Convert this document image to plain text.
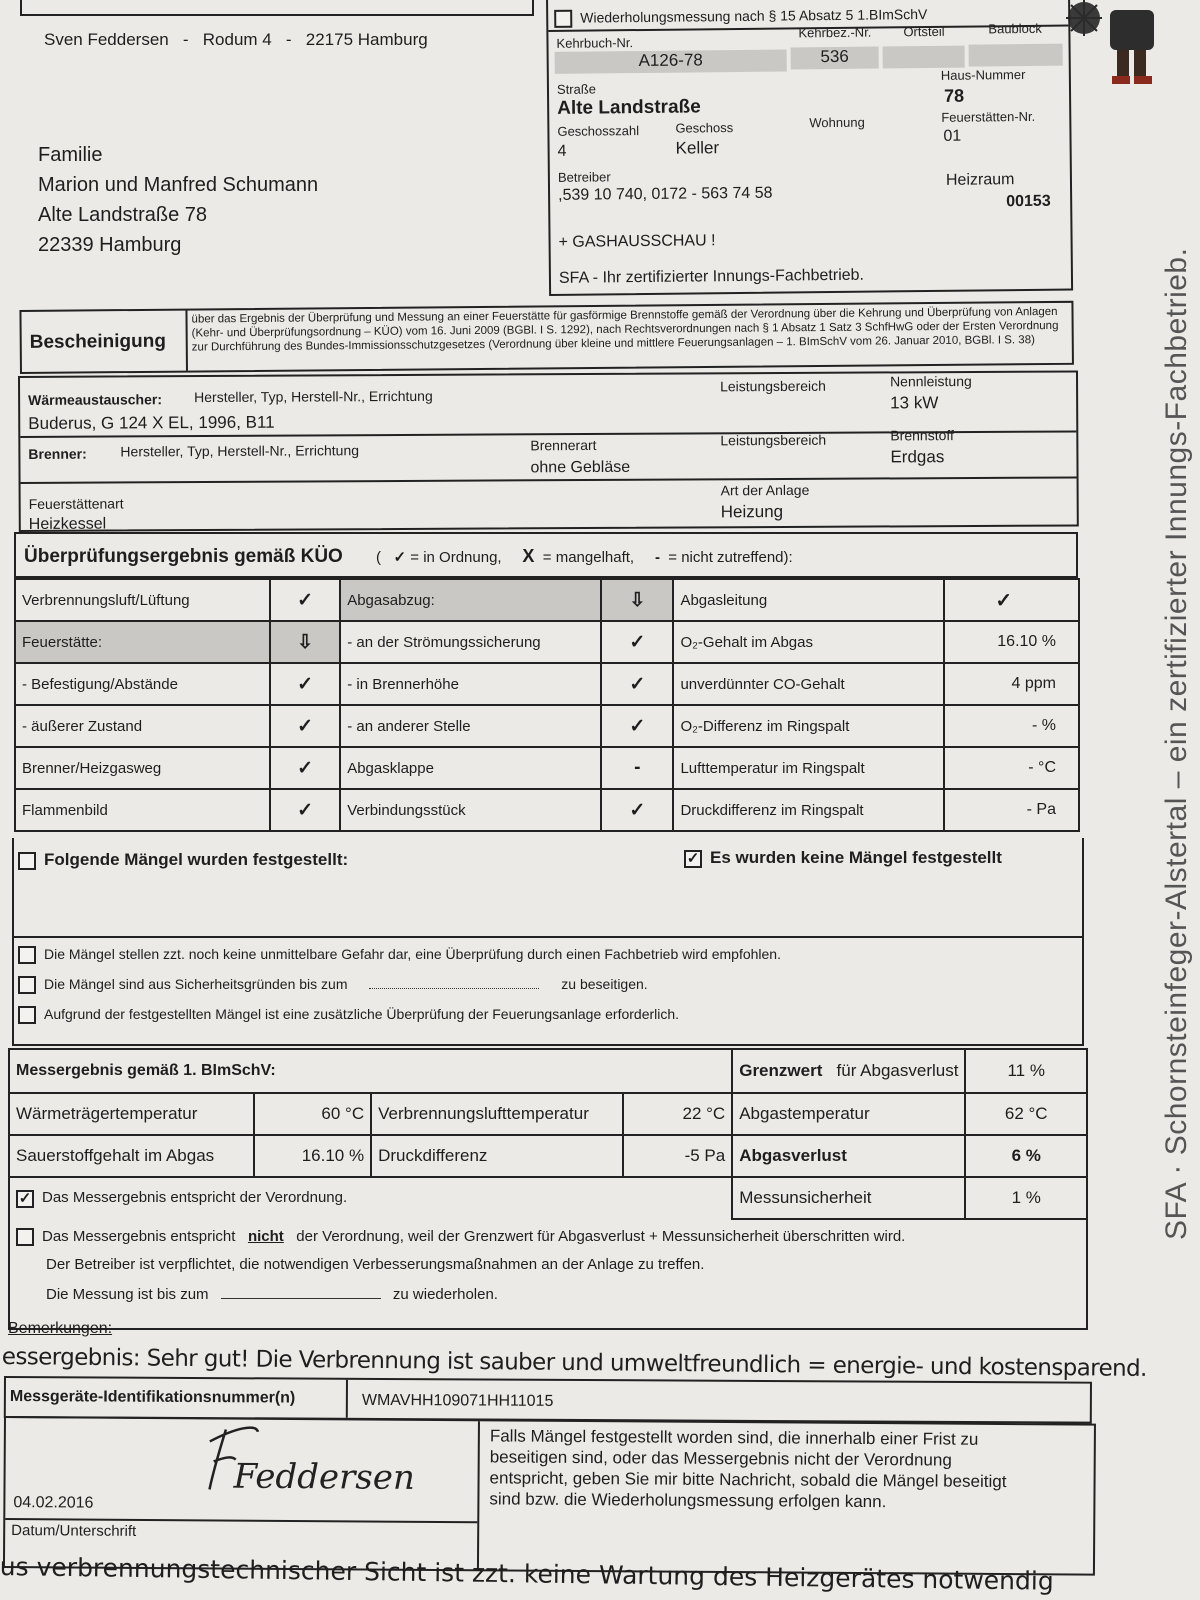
Sven Feddersen - Rodum 4 - 22175 Hamburg
Familie
Marion und Manfred Schumann
Alte Landstraße 78
22339 Hamburg
Wiederholungsmessung nach § 15 Absatz 5 1.BImSchV
Kehrbuch-Nr.
Kehrbez.-Nr. Ortsteil	Baublock
A126-78	536
Straße
Alte Landstraße
Haus-Nummer
78
Geschosszahl
4
Geschoss
Keller
Wohnung	Feuerstätten-Nr.
01
Betreiber
,539 10 740, 0172 - 563 74 58
Heizraum
00153
+ GASHAUSSCHAU !
SFA - Ihr zertifizierter Innungs-Fachbetrieb.
Bescheinigung
über das Ergebnis der Überprüfung und Messung an einer Feuerstätte für gasförmige Brennstoffe gemäß der Verordnung über die Kehrung und Überprüfung von Anlagen (Kehr- und Überprüfungsordnung – KÜO) vom 16. Juni 2009 (BGBl. I S. 1292), nach Rechtsverordnungen nach § 1 Absatz 1 Satz 3 SchfHwG oder der Ersten Verordnung zur Durchführung des Bundes-Immissionsschutzgesetzes (Verordnung über kleine und mittlere Feuerungsanlagen – 1. BImSchV vom 26. Januar 2010, BGBl. I S. 38)
Wärmeaustauscher: Hersteller, Typ, Herstell-Nr., Errichtung
Buderus, G 124 X EL, 1996, B11
Leistungsbereich	Nennleistung
13 kW
Brenner: Hersteller, Typ, Herstell-Nr., Errichtung	Brennerart
ohne Gebläse
Leistungsbereich	Brennstoff
Erdgas
Feuerstättenart
Heizkessel
Art der Anlage
Heizung
Überprüfungsergebnis gemäß KÜO ( ✓ = in Ordnung, X = mangelhaft, - = nicht zutreffend):
Verbrennungsluft/Lüftung	✓	Abgasabzug:	⇩	Abgasleitung	✓
Feuerstätte:	⇩	- an der Strömungssicherung	✓	O₂-Gehalt im Abgas	16.10 %
- Befestigung/Abstände	✓	- in Brennerhöhe	✓	unverdünnter CO-Gehalt	4 ppm
- äußerer Zustand	✓	- an anderer Stelle	✓	O₂-Differenz im Ringspalt	- %
Brenner/Heizgasweg	✓	Abgasklappe	-	Lufttemperatur im Ringspalt	- °C
Flammenbild	✓	Verbindungsstück	✓	Druckdifferenz im Ringspalt	- Pa
Folgende Mängel wurden festgestellt:	✓ Es wurden keine Mängel festgestellt
Die Mängel stellen zzt. noch keine unmittelbare Gefahr dar, eine Überprüfung durch einen Fachbetrieb wird empfohlen.
Die Mängel sind aus Sicherheitsgründen bis zum	zu beseitigen.
Aufgrund der festgestellten Mängel ist eine zusätzliche Überprüfung der Feuerungsanlage erforderlich.
Messergebnis gemäß 1. BImSchV:				Grenzwert für Abgasverlust	11 %
Wärmeträgertemperatur	60 °C	Verbrennungslufttemperatur	22 °C	Abgastemperatur	62 °C
Sauerstoffgehalt im Abgas	16.10 %	Druckdifferenz	-5 Pa	Abgasverlust	6 %
✓ Das Messergebnis entspricht der Verordnung.				Messunsicherheit	1 %
Das Messergebnis entspricht nicht der Verordnung, weil der Grenzwert für Abgasverlust + Messunsicherheit überschritten wird.
Der Betreiber ist verpflichtet, die notwendigen Verbesserungsmaßnahmen an der Anlage zu treffen.
Die Messung ist bis zum	zu wiederholen.
Bemerkungen:
essergebnis: Sehr gut! Die Verbrennung ist sauber und umweltfreundlich = energie- und kostensparend.
Messgeräte-Identifikationsnummer(n)	WMAVHH109071HH11015
Feddersen
04.02.2016
Datum/Unterschrift
Falls Mängel festgestellt worden sind, die innerhalb einer Frist zu beseitigen sind, oder das Messergebnis nicht der Verordnung entspricht, geben Sie mir bitte Nachricht, sobald die Mängel beseitigt sind bzw. die Wiederholungsmessung erfolgen kann.
us verbrennungstechnischer Sicht ist zzt. keine Wartung des Heizgerätes notwendig
SFA · Schornsteinfeger-Alstertal – ein zertifizierter Innungs-Fachbetrieb.
